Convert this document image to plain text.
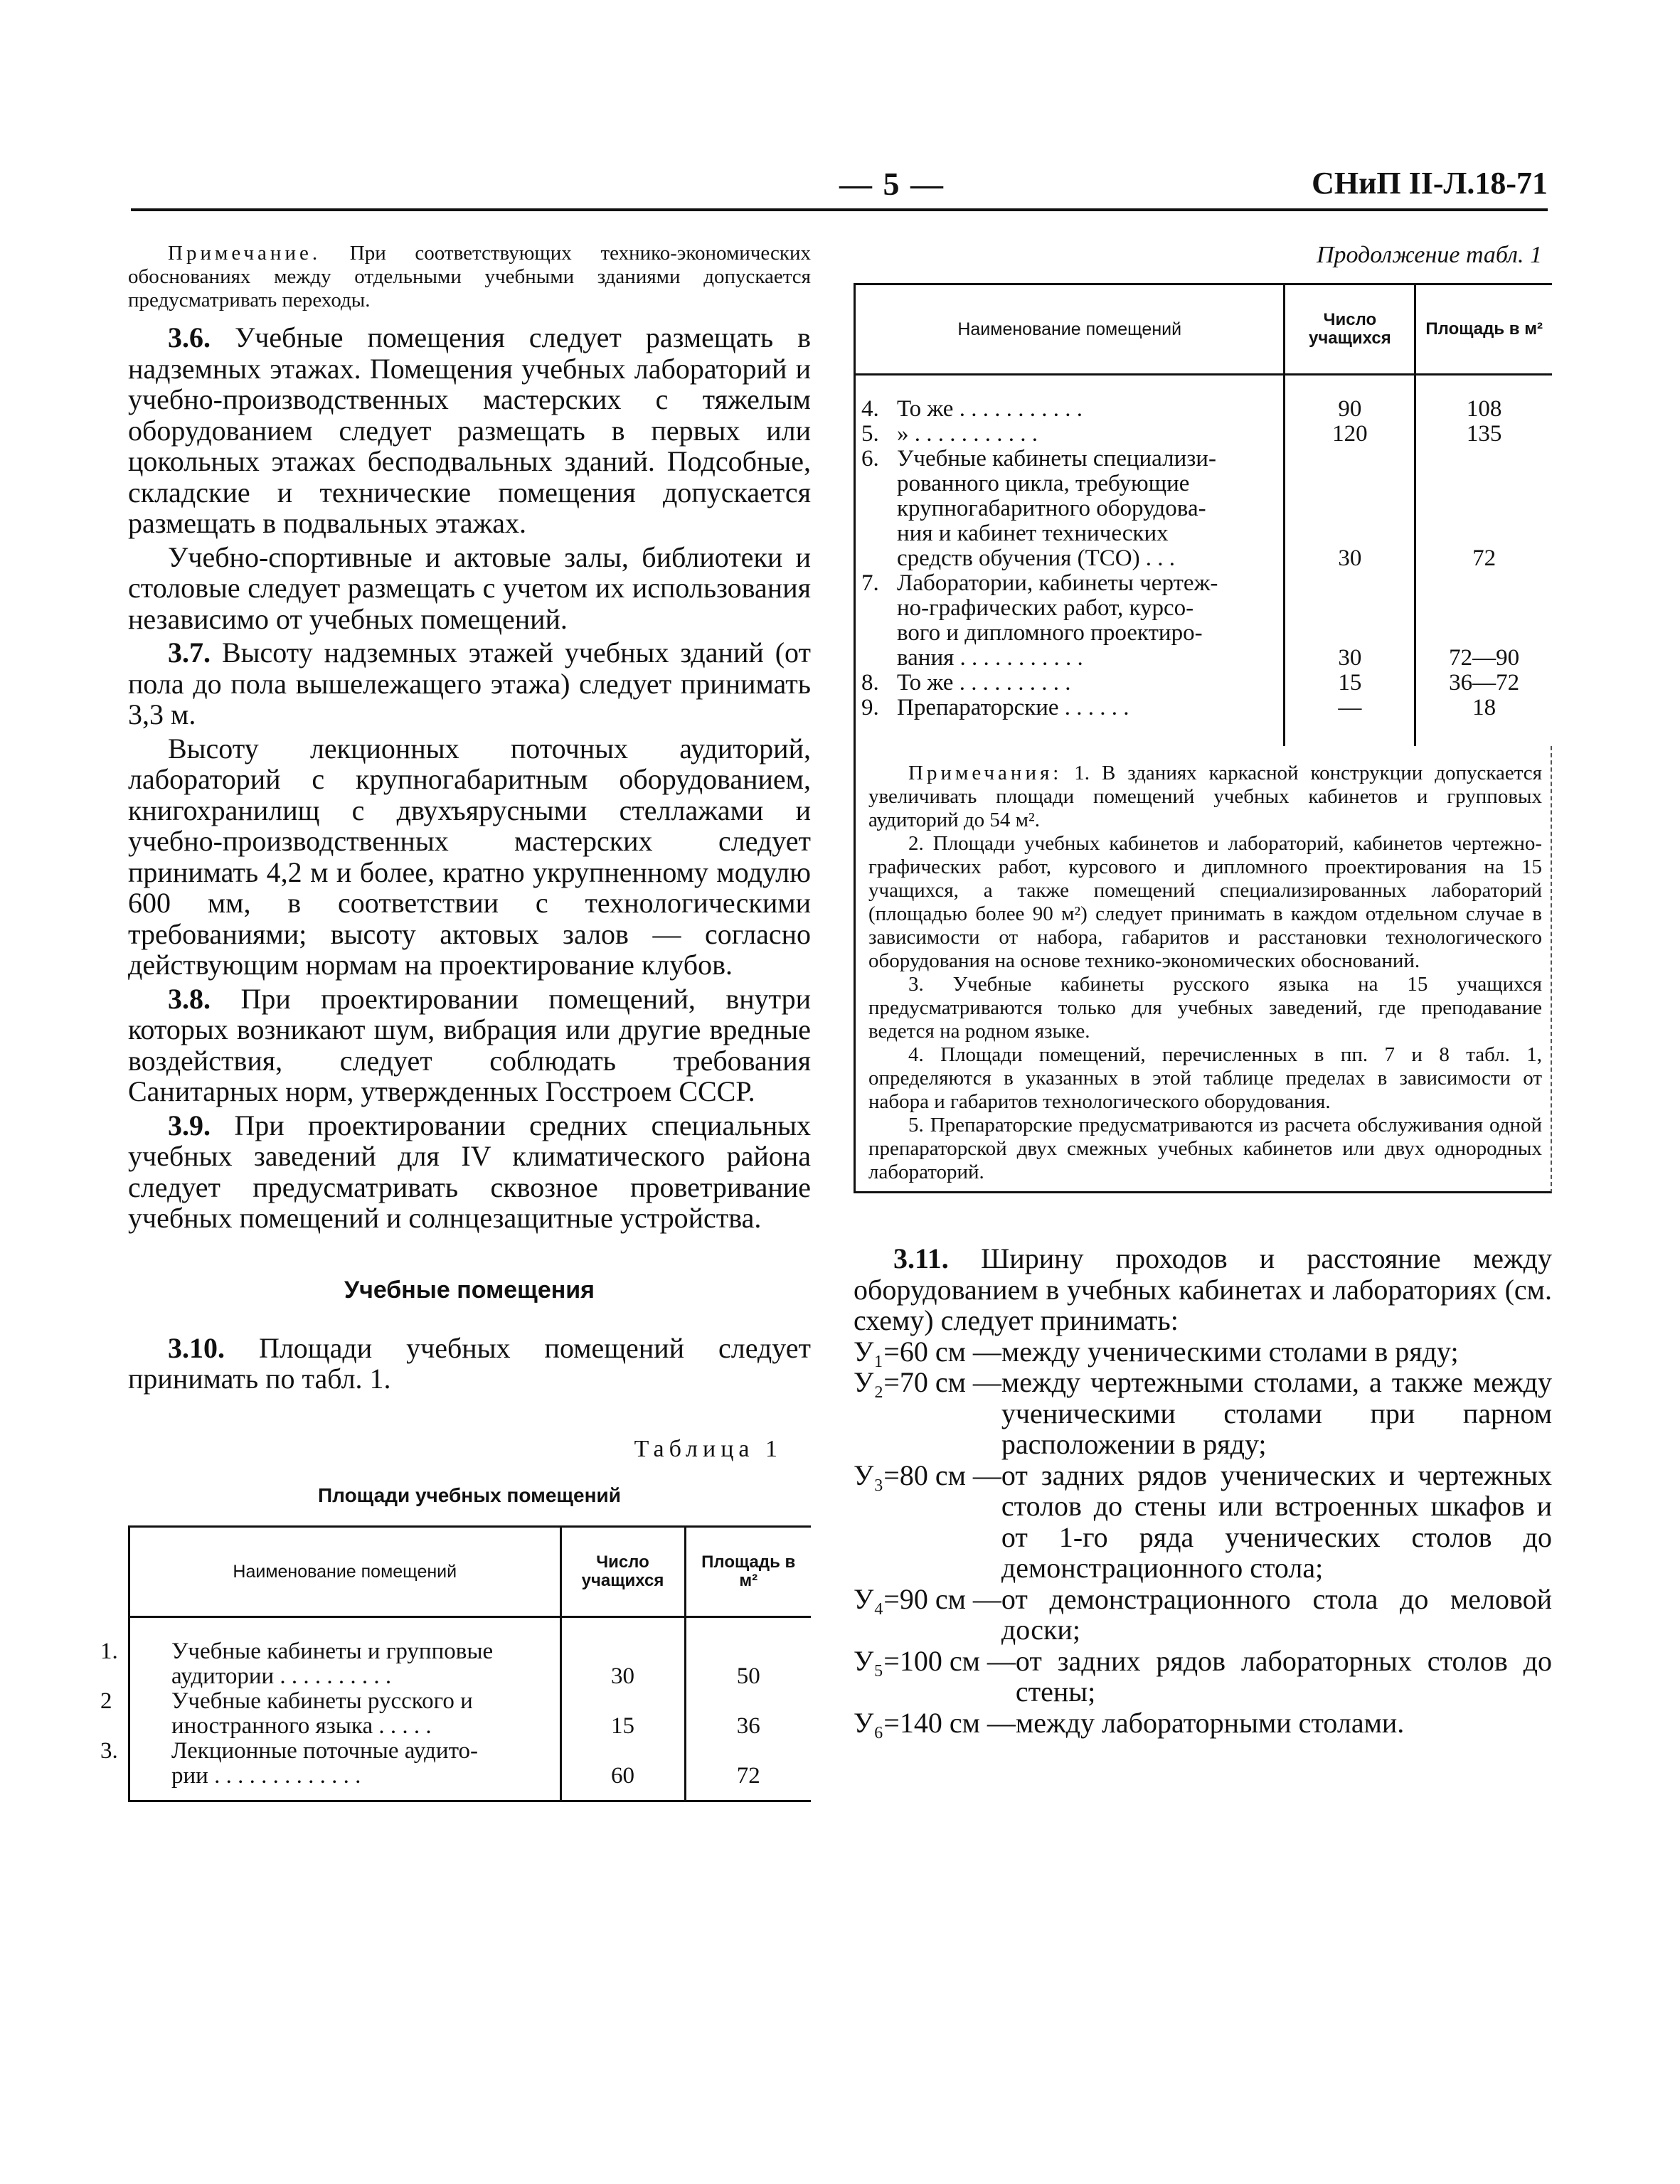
— 5 —	СНиП II-Л.18-71

Примечание. При соответствующих технико-экономических обоснованиях между отдельными учебными зданиями допускается предусматривать переходы.

3.6. Учебные помещения следует размещать в надземных этажах. Помещения учебных лабораторий и учебно-производственных мастерских с тяжелым оборудованием следует размещать в первых или цокольных этажах бесподвальных зданий. Подсобные, складские и технические помещения допускается размещать в подвальных этажах.

Учебно-спортивные и актовые залы, библиотеки и столовые следует размещать с учетом их использования независимо от учебных помещений.

3.7. Высоту надземных этажей учебных зданий (от пола до пола вышележащего этажа) следует принимать 3,3 м.

Высоту лекционных поточных аудиторий, лабораторий с крупногабаритным оборудованием, книгохранилищ с двухъярусными стеллажами и учебно-производственных мастерских следует принимать 4,2 м и более, кратно укрупненному модулю 600 мм, в соответствии с технологическими требованиями; высоту актовых залов — согласно действующим нормам на проектирование клубов.

3.8. При проектировании помещений, внутри которых возникают шум, вибрация или другие вредные воздействия, следует соблюдать требования Санитарных норм, утвержденных Госстроем СССР.

3.9. При проектировании средних специальных учебных заведений для IV климатического района следует предусматривать сквозное проветривание учебных помещений и солнцезащитные устройства.

Учебные помещения

3.10. Площади учебных помещений следует принимать по табл. 1.

Таблица 1
Площади учебных помещений
Наименование помещений	Число учащихся	Площадь в м²

1. Учебные кабинеты и групповые
аудитории . . . . . . . . . .	30	50

2 Учебные кабинеты русского и
иностранного языка . . . . .	15	36

3. Лекционные поточные аудито-
рии . . . . . . . . . . . . .	60	72
Продолжение табл. 1
Наименование помещений	Число учащихся	Площадь в м²
4. То же . . . . . . . . . . .	90	108
5. » . . . . . . . . . . .	120	135

6. Учебные кабинеты специализи-
рованного цикла, требующие
крупногабаритного оборудова-
ния и кабинет технических
средств обучения (ТСО) . . .	30	72

7. Лаборатории, кабинеты чертеж-
но-графических работ, курсо-
вого и дипломного проектиро-
вания . . . . . . . . . . .	30	72—90
8. То же . . . . . . . . . .	15	36—72
9. Препараторские . . . . . .	—	18

Примечания: 1. В зданиях каркасной конструкции допускается увеличивать площади помещений учебных кабинетов и групповых аудиторий до 54 м².

2. Площади учебных кабинетов и лабораторий, кабинетов чертежно-графических работ, курсового и дипломного проектирования на 15 учащихся, а также помещений специализированных лабораторий (площадью более 90 м²) следует принимать в каждом отдельном случае в зависимости от набора, габаритов и расстановки технологического оборудования на основе технико-экономических обоснований.

3. Учебные кабинеты русского языка на 15 учащихся предусматриваются только для учебных заведений, где преподавание ведется на родном языке.

4. Площади помещений, перечисленных в пп. 7 и 8 табл. 1, определяются в указанных в этой таблице пределах в зависимости от набора и габаритов технологического оборудования.

5. Препараторские предусматриваются из расчета обслуживания одной препараторской двух смежных учебных кабинетов или двух однородных лабораторий.

3.11. Ширину проходов и расстояние между оборудованием в учебных кабинетах и лабораториях (см. схему) следует принимать:

У₁=60 см — между ученическими столами в ряду;
У₂=70 см — между чертежными столами, а также между ученическими столами при парном расположении в ряду;
У₃=80 см — от задних рядов ученических и чертежных столов до стены или встроенных шкафов и от 1-го ряда ученических столов до демонстрационного стола;
У₄=90 см — от демонстрационного стола до меловой доски;
У₅=100 см — от задних рядов лабораторных столов до стены;
У₆=140 см — между лабораторными столами.
